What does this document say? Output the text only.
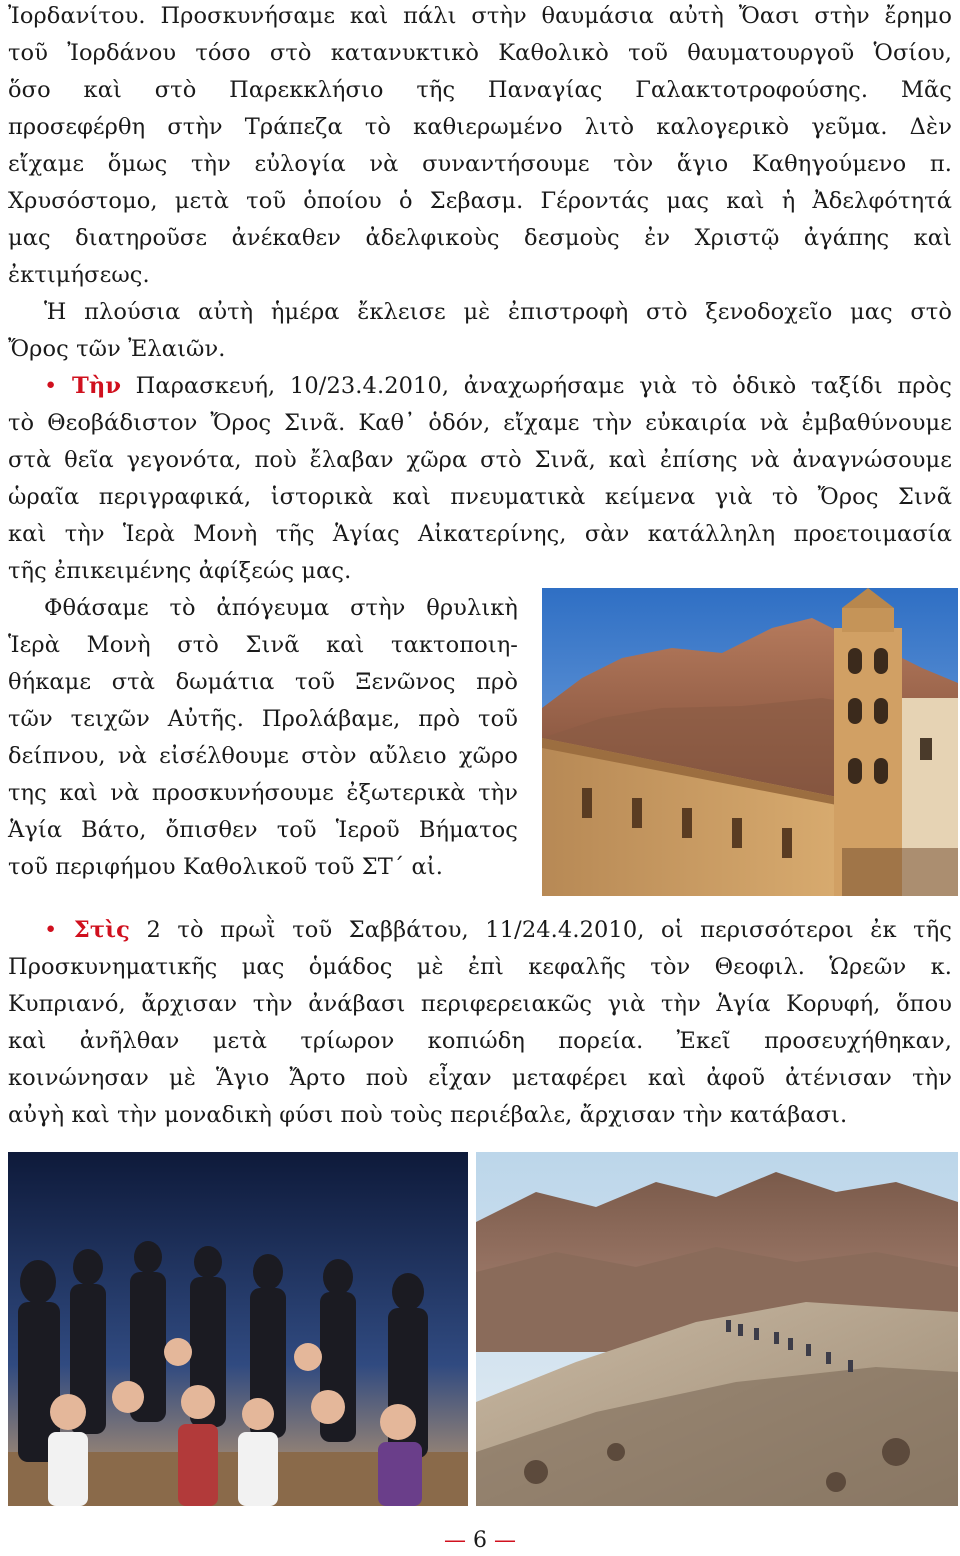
Ἰορδανίτου. Προσκυνήσαμε καὶ πάλι στὴν θαυμάσια αὐτὴ Ὄασι στὴν ἔρημο
τοῦ Ἰορδάνου τόσο στὸ κατανυκτικὸ Καθολικὸ τοῦ θαυματουργοῦ Ὁσίου,
ὅσο καὶ στὸ Παρεκκλήσιο τῆς Παναγίας Γαλακτοτροφούσης. Μᾶς
προσεφέρθη στὴν Τράπεζα τὸ καθιερωμένο λιτὸ καλογερικὸ γεῦμα. Δὲν
εἴχαμε ὅμως τὴν εὐλογία νὰ συναντήσουμε τὸν ἅγιο Καθηγούμενο π.
Χρυσόστομο, μετὰ τοῦ ὁποίου ὁ Σεβασμ. Γέροντάς μας καὶ ἡ Ἀδελφότητά
μας διατηροῦσε ἀνέκαθεν ἀδελφικοὺς δεσμοὺς ἐν Χριστῷ ἀγάπης καὶ
ἐκτιμήσεως.
Ἡ πλούσια αὐτὴ ἡμέρα ἔκλεισε μὲ ἐπιστροφὴ στὸ ξενοδοχεῖο μας στὸ
Ὄρος τῶν Ἐλαιῶν.
• Τὴν Παρασκευή, 10/23.4.2010, ἀναχωρήσαμε γιὰ τὸ ὁδικὸ ταξίδι πρὸς
τὸ Θεοβάδιστον Ὄρος Σινᾶ. Καθ᾽ ὁδόν, εἴχαμε τὴν εὐκαιρία νὰ ἐμβαθύνουμε
στὰ θεῖα γεγονότα, ποὺ ἔλαβαν χῶρα στὸ Σινᾶ, καὶ ἐπίσης νὰ ἀναγνώσουμε
ὡραῖα περιγραφικά, ἱστορικὰ καὶ πνευματικὰ κείμενα γιὰ τὸ Ὄρος Σινᾶ
καὶ τὴν Ἱερὰ Μονὴ τῆς Ἁγίας Αἰκατερίνης, σὰν κατάλληλη προετοιμασία
τῆς ἐπικειμένης ἀφίξεώς μας.
Φθάσαμε τὸ ἀπόγευμα στὴν θρυλικὴ
Ἱερὰ Μονὴ στὸ Σινᾶ καὶ τακτοποιη-
θήκαμε στὰ δωμάτια τοῦ Ξενῶνος πρὸ
τῶν τειχῶν Αὐτῆς. Προλάβαμε, πρὸ τοῦ
δείπνου, νὰ εἰσέλθουμε στὸν αὔλειο χῶρο
της καὶ νὰ προσκυνήσουμε ἐξωτερικὰ τὴν
Ἁγία Βάτο, ὄπισθεν τοῦ Ἱεροῦ Βήματος
τοῦ περιφήμου Καθολικοῦ τοῦ ΣΤ´ αἰ.
• Στὶς 2 τὸ πρωῒ τοῦ Σαββάτου, 11/24.4.2010, οἱ περισσότεροι ἐκ τῆς
Προσκυνηματικῆς μας ὁμάδος μὲ ἐπὶ κεφαλῆς τὸν Θεοφιλ. Ὡρεῶν κ.
Κυπριανό, ἄρχισαν τὴν ἀνάβασι περιφερειακῶς γιὰ τὴν Ἁγία Κορυφή, ὅπου
καὶ ἀνῆλθαν μετὰ τρίωρον κοπιώδη πορεία. Ἐκεῖ προσευχήθηκαν,
κοινώνησαν μὲ Ἅγιο Ἄρτο ποὺ εἶχαν μεταφέρει καὶ ἀφοῦ ἀτένισαν τὴν
αὐγὴ καὶ τὴν μοναδικὴ φύσι ποὺ τοὺς περιέβαλε, ἄρχισαν τὴν κατάβασι.
— 6 —
